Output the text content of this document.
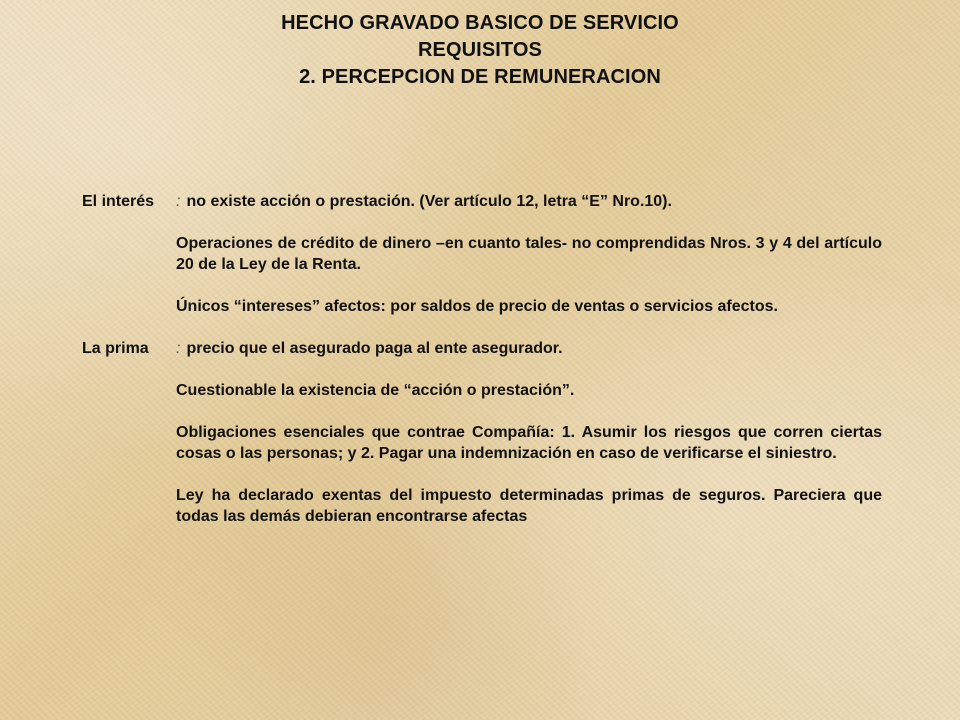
HECHO GRAVADO BASICO DE SERVICIO
REQUISITOS
2. PERCEPCION DE REMUNERACION
El interés	: no existe acción o prestación. (Ver artículo 12, letra “E” Nro.10).
Operaciones de crédito de dinero –en cuanto tales- no comprendidas Nros. 3 y 4 del artículo 20 de la Ley de la Renta.
Únicos “intereses” afectos: por saldos de precio de ventas o servicios afectos.
La prima	: precio que el asegurado paga al ente asegurador.
Cuestionable la existencia de “acción o prestación”.
Obligaciones esenciales que contrae Compañía: 1. Asumir los riesgos que corren ciertas cosas o las personas; y 2. Pagar una indemnización en caso de verificarse el siniestro.
Ley ha declarado exentas del impuesto determinadas primas de seguros. Pareciera que todas las demás debieran encontrarse afectas
